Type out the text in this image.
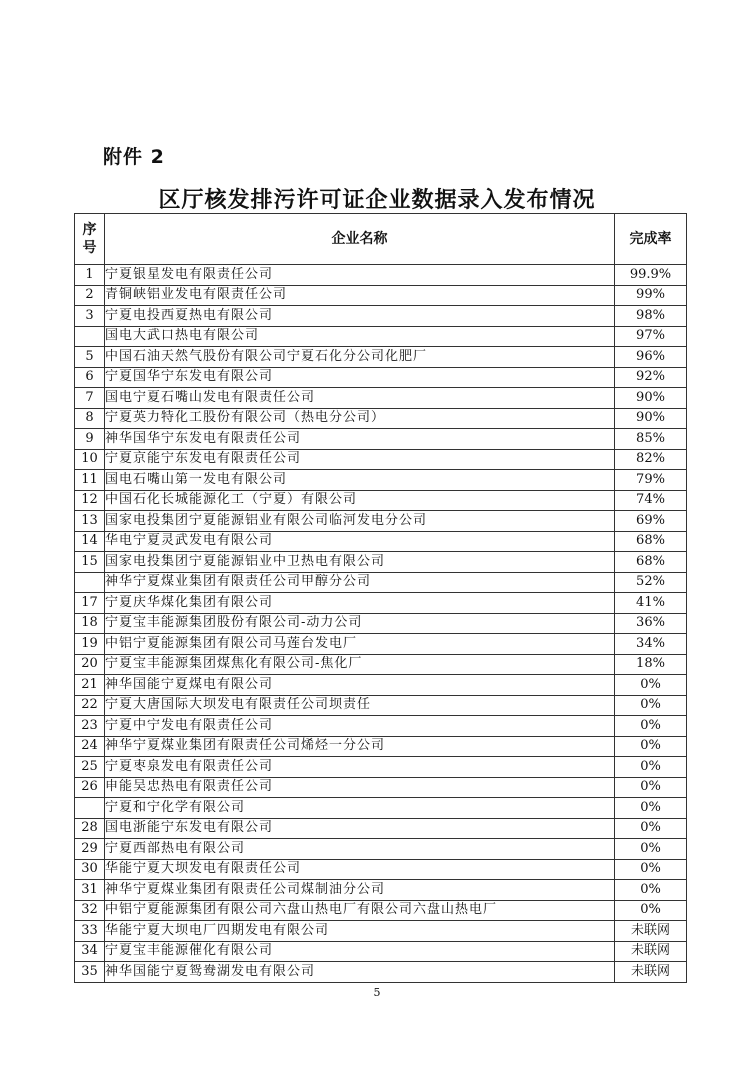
附件 2
区厅核发排污许可证企业数据录入发布情况
序
号	企业名称	完成率
1	宁夏银星发电有限责任公司	99.9%
2	青铜峡铝业发电有限责任公司	99%
3	宁夏电投西夏热电有限公司	98%
	国电大武口热电有限公司	97%
5	中国石油天然气股份有限公司宁夏石化分公司化肥厂	96%
6	宁夏国华宁东发电有限公司	92%
7	国电宁夏石嘴山发电有限责任公司	90%
8	宁夏英力特化工股份有限公司（热电分公司）	90%
9	神华国华宁东发电有限责任公司	85%
10	宁夏京能宁东发电有限责任公司	82%
11	国电石嘴山第一发电有限公司	79%
12	中国石化长城能源化工（宁夏）有限公司	74%
13	国家电投集团宁夏能源铝业有限公司临河发电分公司	69%
14	华电宁夏灵武发电有限公司	68%
15	国家电投集团宁夏能源铝业中卫热电有限公司	68%
	神华宁夏煤业集团有限责任公司甲醇分公司	52%
17	宁夏庆华煤化集团有限公司	41%
18	宁夏宝丰能源集团股份有限公司-动力公司	36%
19	中铝宁夏能源集团有限公司马莲台发电厂	34%
20	宁夏宝丰能源集团煤焦化有限公司-焦化厂	18%
21	神华国能宁夏煤电有限公司	0%
22	宁夏大唐国际大坝发电有限责任公司坝责任	0%
23	宁夏中宁发电有限责任公司	0%
24	神华宁夏煤业集团有限责任公司烯烃一分公司	0%
25	宁夏枣泉发电有限责任公司	0%
26	申能吴忠热电有限责任公司	0%
	宁夏和宁化学有限公司	0%
28	国电浙能宁东发电有限公司	0%
29	宁夏西部热电有限公司	0%
30	华能宁夏大坝发电有限责任公司	0%
31	神华宁夏煤业集团有限责任公司煤制油分公司	0%
32	中铝宁夏能源集团有限公司六盘山热电厂有限公司六盘山热电厂	0%
33	华能宁夏大坝电厂四期发电有限公司	未联网
34	宁夏宝丰能源催化有限公司	未联网
35	神华国能宁夏鸳鸯湖发电有限公司	未联网
5
